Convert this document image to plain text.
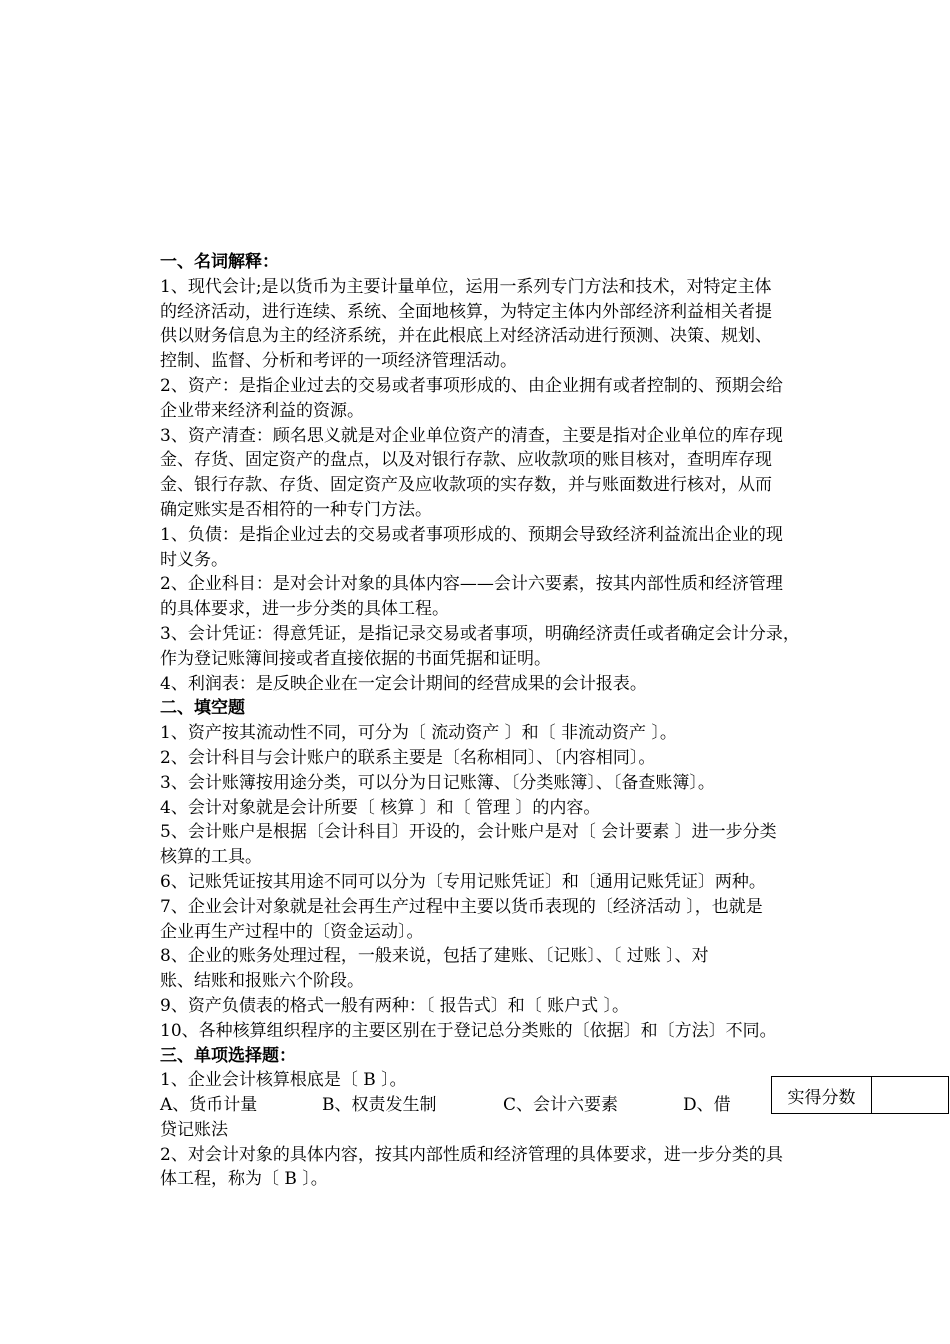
一、名词解释：
1、现代会计;是以货币为主要计量单位，运用一系列专门方法和技术，对特定主体
的经济活动，进行连续、系统、全面地核算，为特定主体内外部经济利益相关者提
供以财务信息为主的经济系统，并在此根底上对经济活动进行预测、决策、规划、
控制、监督、分析和考评的一项经济管理活动。
2、资产：是指企业过去的交易或者事项形成的、由企业拥有或者控制的、预期会给
企业带来经济利益的资源。
3、资产清查：顾名思义就是对企业单位资产的清查，主要是指对企业单位的库存现
金、存货、固定资产的盘点，以及对银行存款、应收款项的账目核对，查明库存现
金、银行存款、存货、固定资产及应收款项的实存数，并与账面数进行核对，从而
确定账实是否相符的一种专门方法。
1、负债：是指企业过去的交易或者事项形成的、预期会导致经济利益流出企业的现
时义务。
2、企业科目：是对会计对象的具体内容——会计六要素，按其内部性质和经济管理
的具体要求，进一步分类的具体工程。
3、会计凭证：得意凭证，是指记录交易或者事项，明确经济责任或者确定会计分录，
作为登记账簿间接或者直接依据的书面凭据和证明。
4、利润表：是反映企业在一定会计期间的经营成果的会计报表。
二、填空题
1、资产按其流动性不同，可分为〔 流动资产 〕和〔 非流动资产 〕。
2、会计科目与会计账户的联系主要是〔名称相同〕、〔内容相同〕。
3、会计账簿按用途分类，可以分为日记账簿、〔分类账簿〕、〔备查账簿〕。
4、会计对象就是会计所要〔 核算 〕和〔 管理 〕的内容。
5、会计账户是根据〔会计科目〕开设的，会计账户是对〔 会计要素 〕进一步分类
核算的工具。
6、记账凭证按其用途不同可以分为〔专用记账凭证〕和〔通用记账凭证〕两种。
7、企业会计对象就是社会再生产过程中主要以货币表现的〔经济活动 〕，也就是
企业再生产过程中的〔资金运动〕。
8、企业的账务处理过程，一般来说，包括了建账、〔记账〕、〔 过账 〕、对
账、结账和报账六个阶段。
9、资产负债表的格式一般有两种：〔 报告式〕和〔 账户式 〕。
10、各种核算组织程序的主要区别在于登记总分类账的〔依据〕和〔方法〕不同。
三、单项选择题：
1、企业会计核算根底是〔 B 〕。
A、货币计量	B、权责发生制	C、会计六要素	D、借
贷记账法
2、对会计对象的具体内容，按其内部性质和经济管理的具体要求，进一步分类的具
体工程，称为〔 B 〕。
实得分数
